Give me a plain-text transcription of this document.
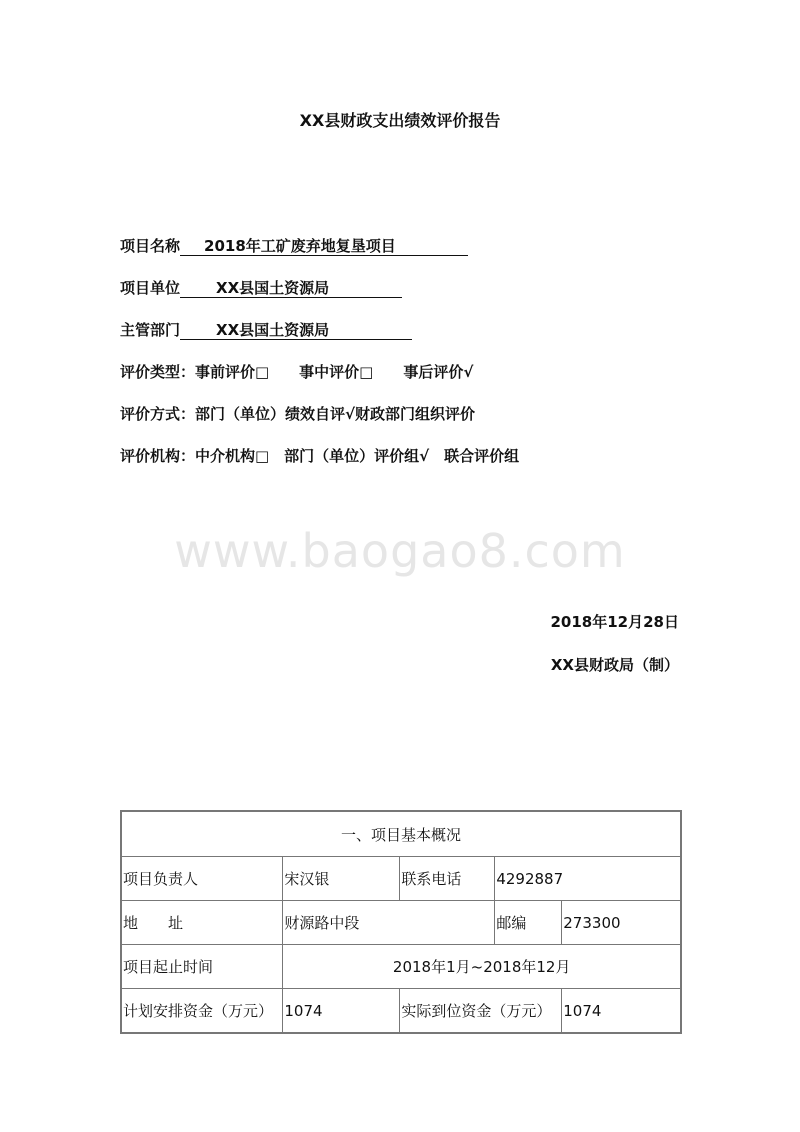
XX县财政支出绩效评价报告
项目名称	2018年工矿废弃地复垦项目
项目单位	XX县国土资源局
主管部门	XX县国土资源局
评价类型：事前评价□　　事中评价□　　事后评价√
评价方式：部门（单位）绩效自评√财政部门组织评价
评价机构：中介机构□　部门（单位）评价组√　联合评价组
www.baogao8.com
2018年12月28日
XX县财政局（制）
一、项目基本概况				
项目负责人	宋汉银	联系电话	4292887	
地　　址	财源路中段		邮编	273300
项目起止时间	2018年1月~2018年12月			
计划安排资金（万元）	1074	实际到位资金（万元）		1074
